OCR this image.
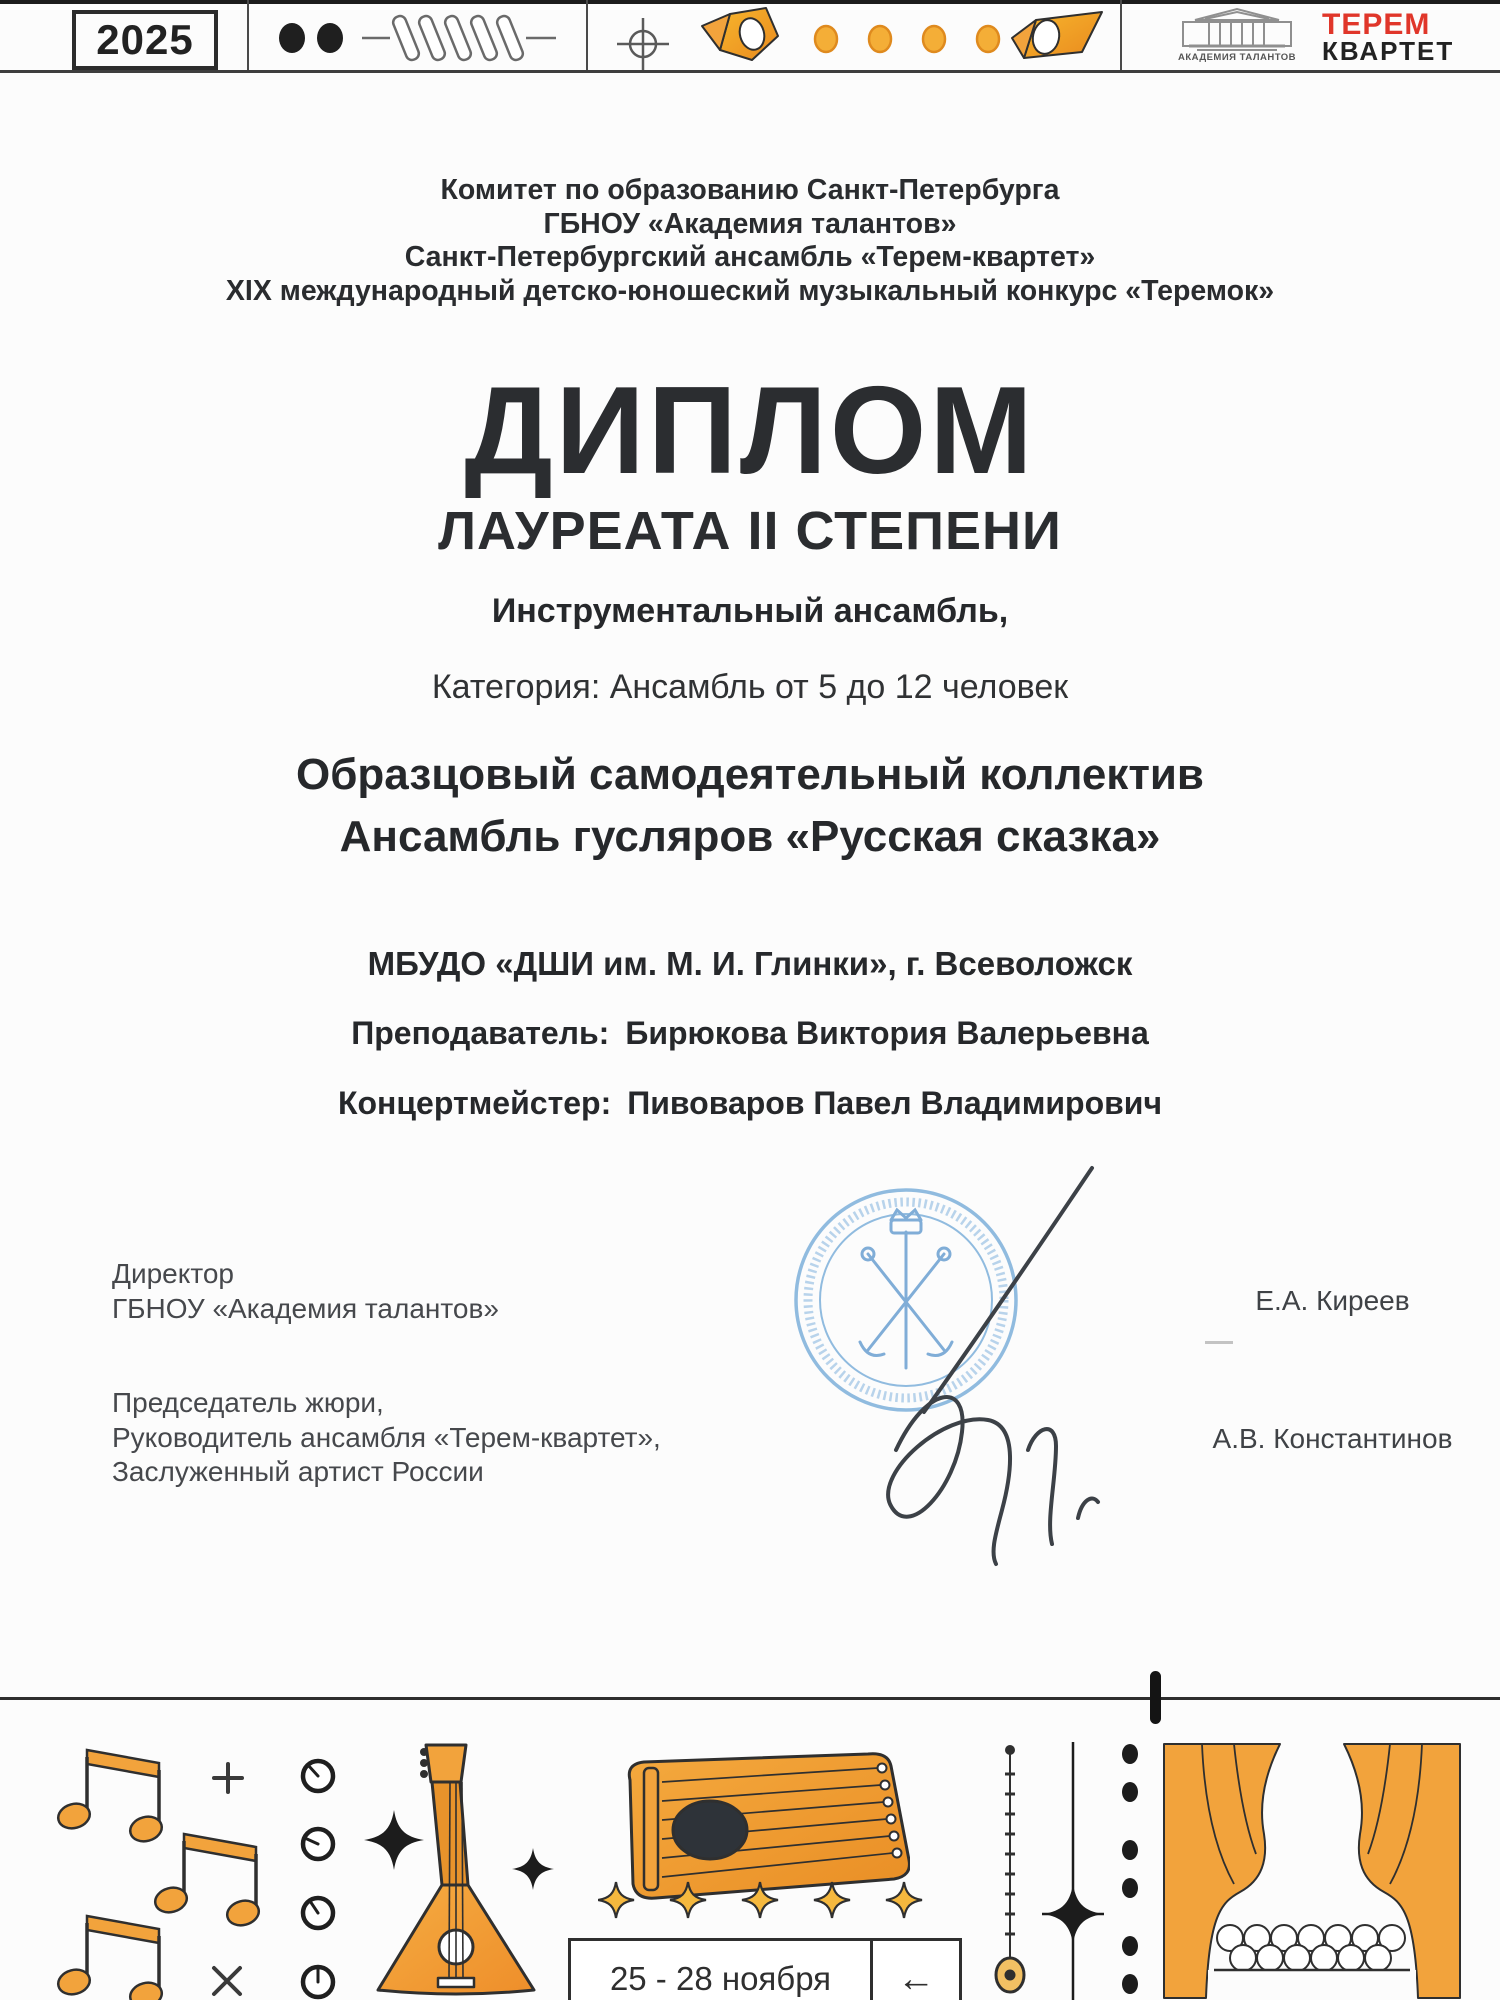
2025	АКАДЕМИЯ ТАЛАНТОВ
ТЕРЕМ
КВАРТЕТ
Комитет по образованию Санкт-Петербурга
ГБНОУ «Академия талантов»
Санкт-Петербургский ансамбль «Терем-квартет»
XIX международный детско-юношеский музыкальный конкурс «Теремок»
ДИПЛОМ
ЛАУРЕАТА II СТЕПЕНИ
Инструментальный ансамбль,
Категория: Ансамбль от 5 до 12 человек
Образцовый самодеятельный коллектив
Ансамбль гусляров «Русская сказка»
МБУДО «ДШИ им. М. И. Глинки», г. Всеволожск
Преподаватель: Бирюкова Виктория Валерьевна
Концертмейстер: Пивоваров Павел Владимирович
Директор
ГБНОУ «Академия талантов»	Е.А. Киреев
Председатель жюри,
Руководитель ансамбля «Терем-квартет»,
Заслуженный артист России
А.В. Константинов
25 - 28 ноября	←
